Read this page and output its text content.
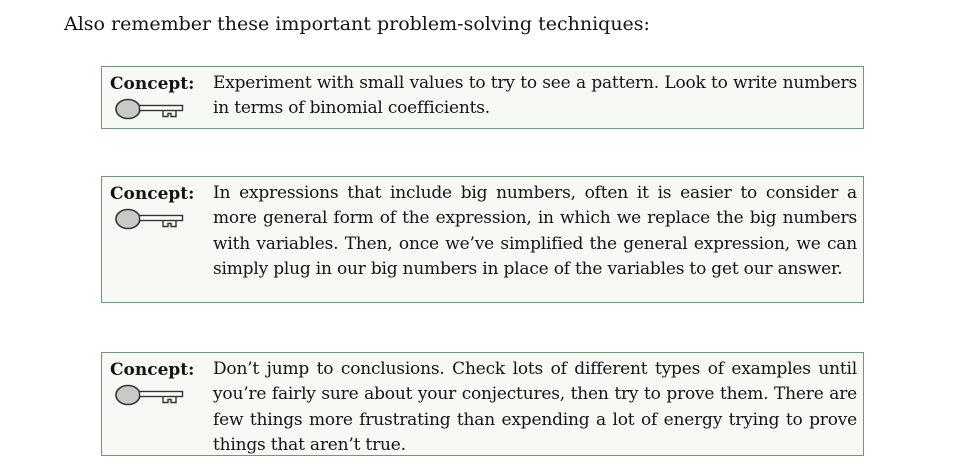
Also remember these important problem-solving techniques:
Concept: Experiment with small values to try to see a pattern. Look to write numbers in terms of binomial coefficients.

Concept: In expressions that include big numbers, often it is easier to consider a more general form of the expression, in which we replace the big numbers with variables. Then, once we’ve simplified the general expression, we can simply plug in our big numbers in place of the variables to get our answer.

Concept: Don’t jump to conclusions. Check lots of different types of examples until you’re fairly sure about your conjectures, then try to prove them. There are few things more frustrating than expending a lot of energy trying to prove things that aren’t true.
